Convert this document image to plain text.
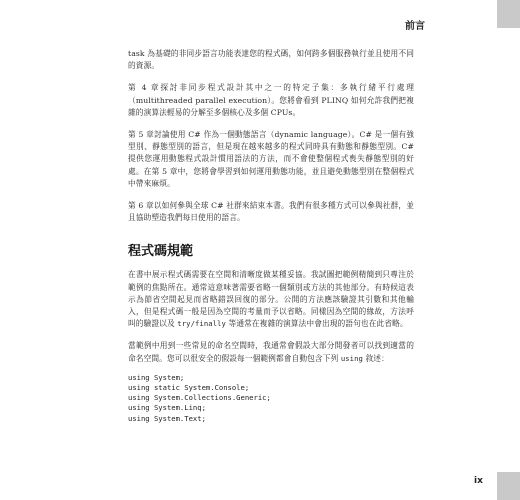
前言

task 為基礎的非同步語言功能表達您的程式碼，如何跨多個服務執行並且使用不同的資源。

第 4 章探討非同步程式設計其中之一的特定子集：多執行緒平行處理（multithreaded parallel execution）。您將會看到 PLINQ 如何允許我們把複雜的演算法輕易的分解至多個核心及多個 CPUs。

第 5 章討論使用 C# 作為一個動態語言（dynamic language）。C# 是一個有強型別、靜態型別的語言，但是現在越來越多的程式同時具有動態和靜態型別。C# 提供您運用動態程式設計慣用語法的方法，而不會使整個程式喪失靜態型別的好處。在第 5 章中，您將會學習到如何運用動態功能，並且避免動態型別在整個程式中帶來麻煩。

第 6 章以如何參與全球 C# 社群來結束本書。我們有很多種方式可以參與社群，並且協助塑造我們每日使用的語言。

程式碼規範

在書中展示程式碼需要在空間和清晰度做某種妥協。我試圖把範例精簡到只專注於範例的焦點所在。通常這意味著需要省略一個類別或方法的其他部分。有時候這表示為節省空間起見而省略錯誤回復的部分。公開的方法應該驗證其引數和其他輸入，但是程式碼一般是因為空間的考量而予以省略。同樣因為空間的緣故，方法呼叫的驗證以及 try/finally 等通常在複雜的演算法中會出現的語句也在此省略。

當範例中用到一些常見的命名空間時，我通常會假設大部分開發者可以找到適當的命名空間。您可以很安全的假設每一個範例都會自動包含下列 using 敘述：

using System;
using static System.Console;
using System.Collections.Generic;
using System.Linq;
using System.Text;
ix
